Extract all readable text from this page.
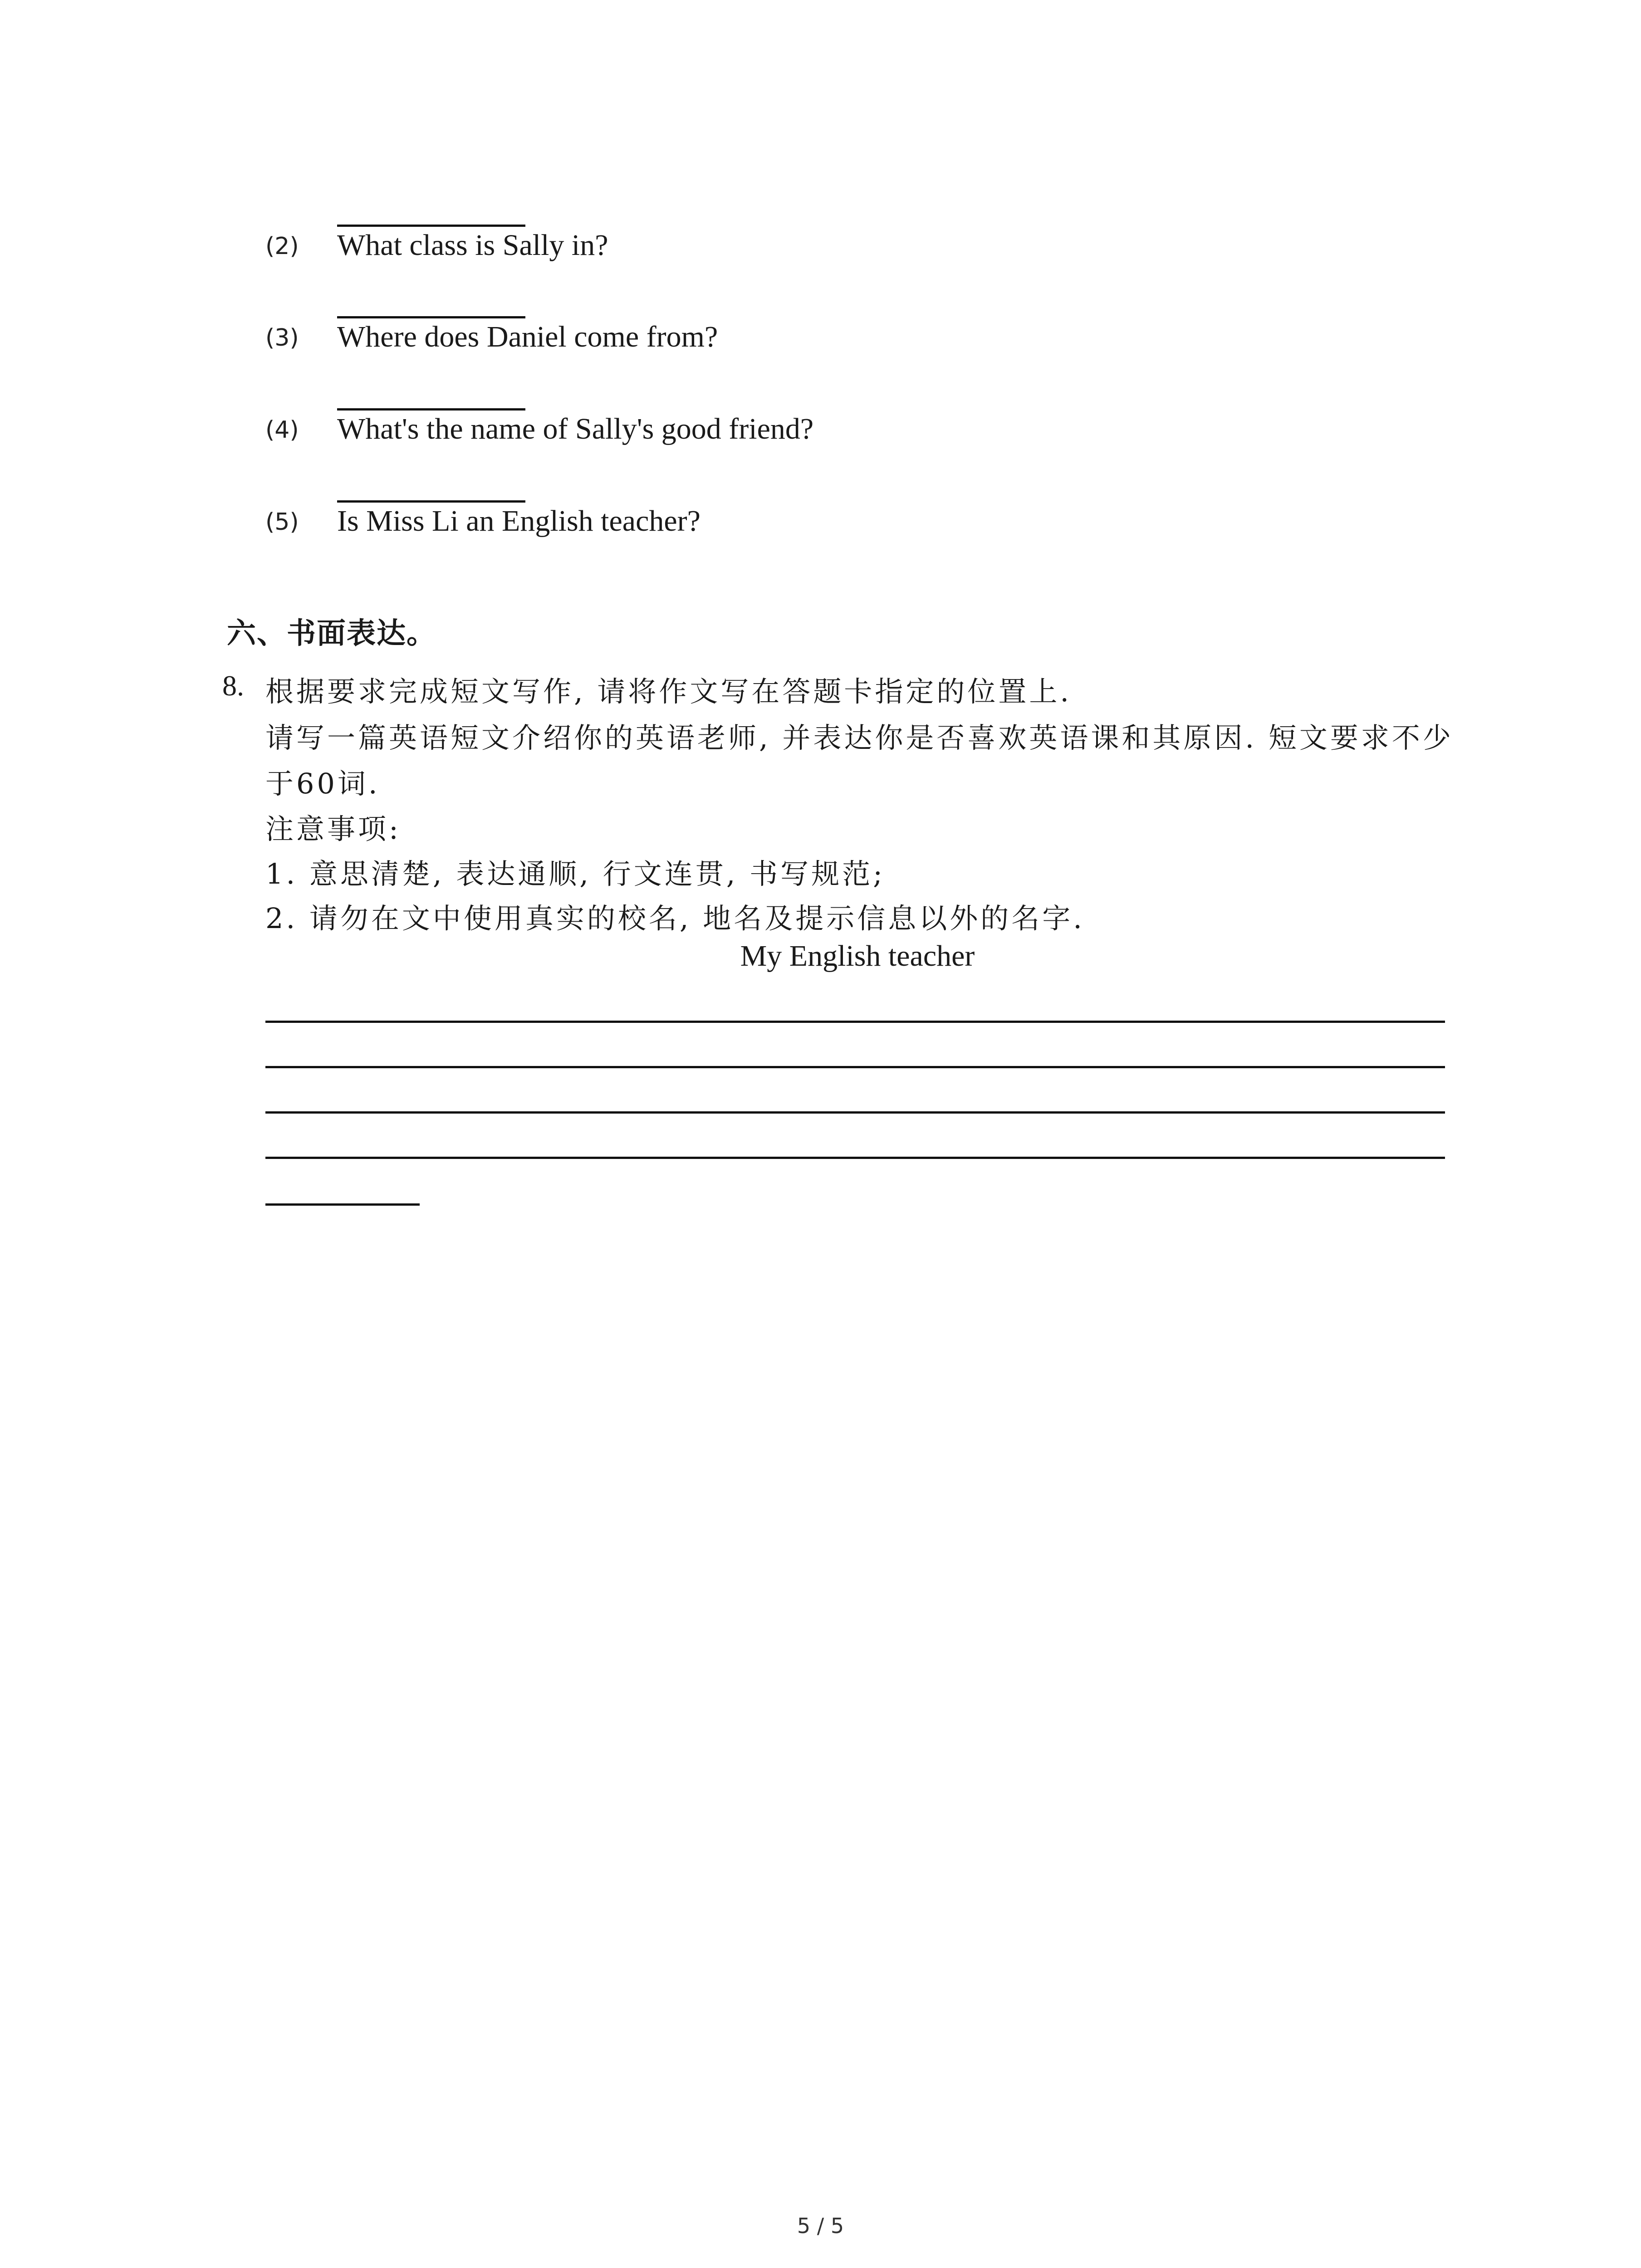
(2) What class is Sally in?
(3) Where does Daniel come from?
(4) What's the name of Sally's good friend?
(5) Is Miss Li an English teacher?
六、书面表达。
8. 根据要求完成短文写作, 请将作文写在答题卡指定的位置上.
请写一篇英语短文介绍你的英语老师, 并表达你是否喜欢英语课和其原因. 短文要求不少
于60词.
注意事项:
1. 意思清楚, 表达通顺, 行文连贯, 书写规范;
2. 请勿在文中使用真实的校名, 地名及提示信息以外的名字.
My English teacher
5 / 5
